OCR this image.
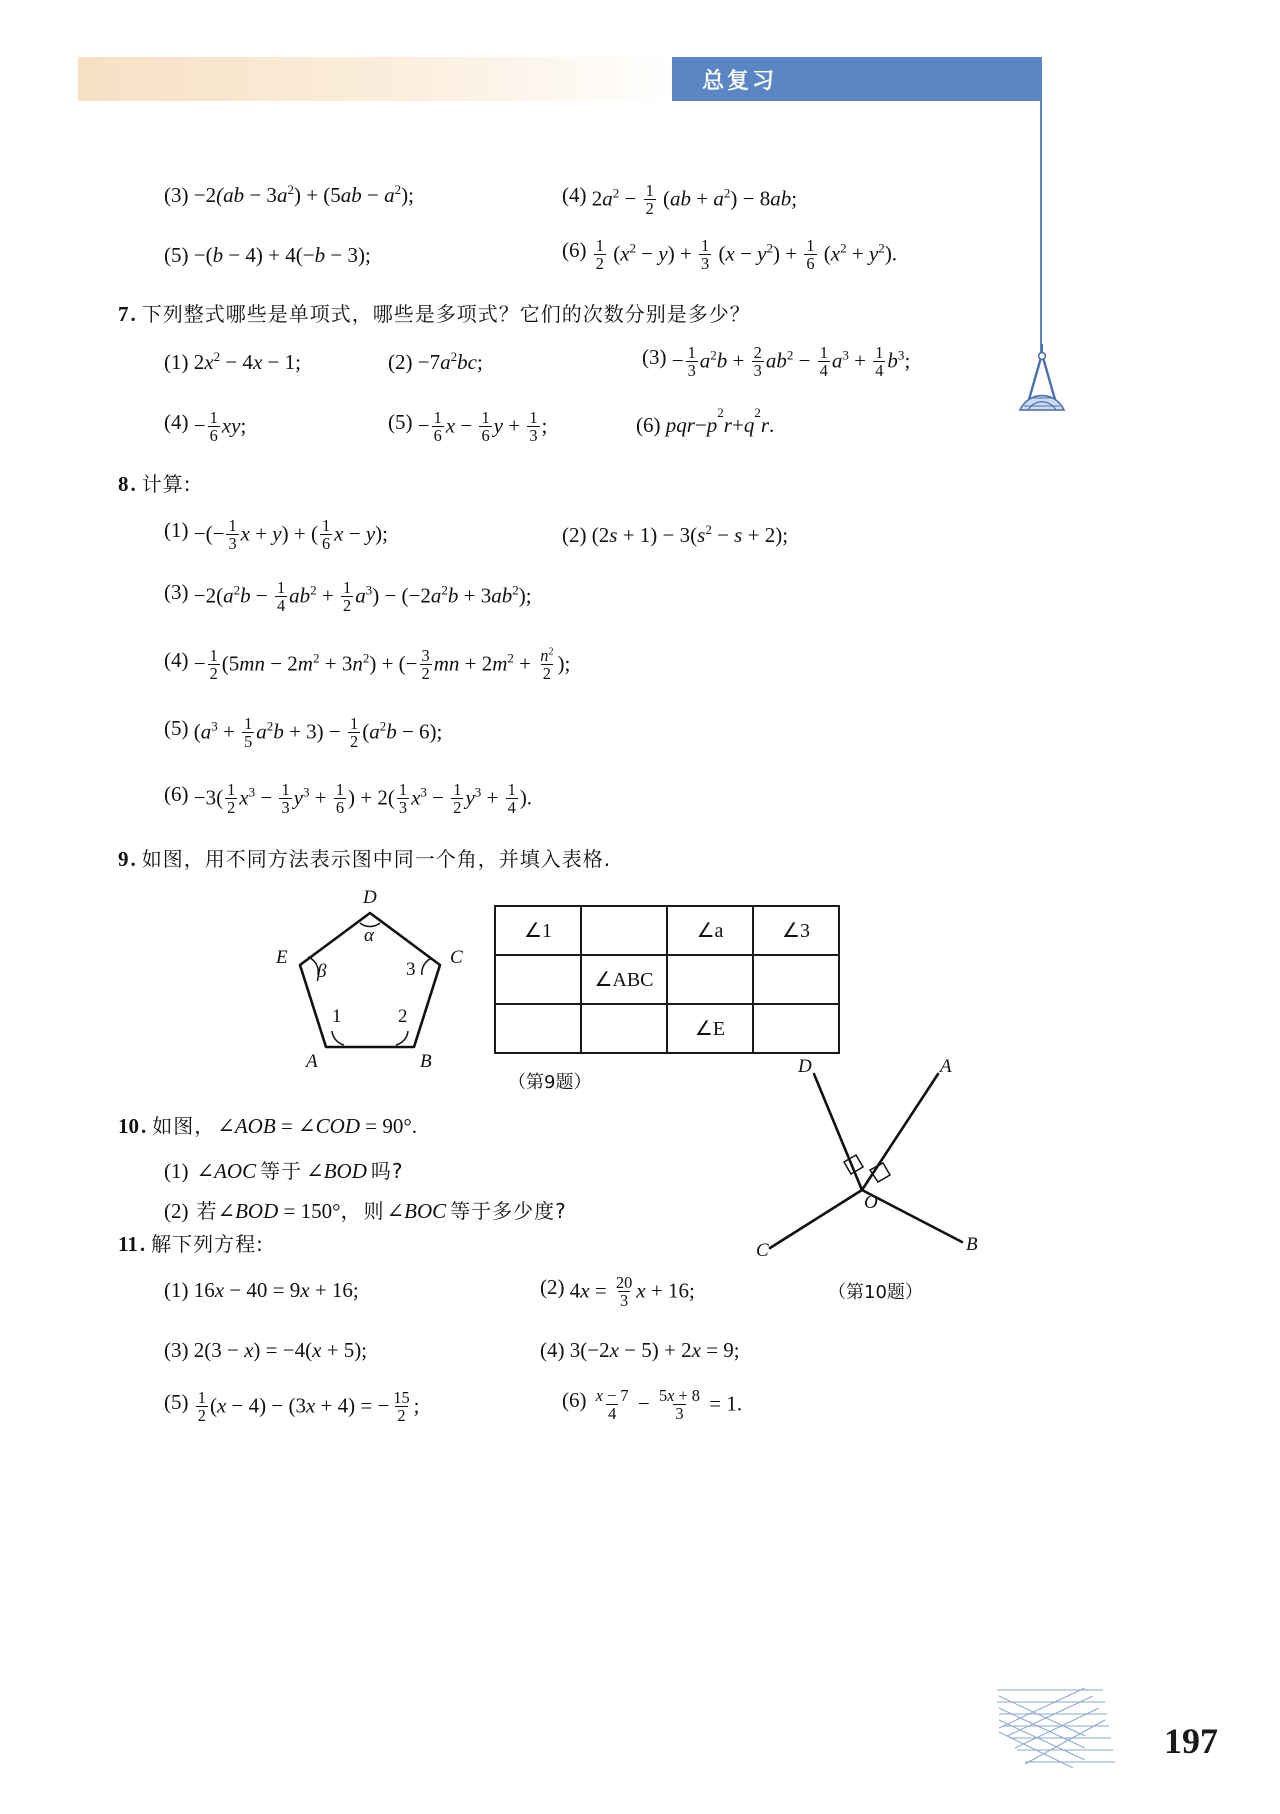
总复习
(3)
$-2(ab - 3a^2) + (5ab - a^2)$;	(4)
$2a^2 - \frac{1}{2} (ab + a^2) - 8ab$;
(5)
−(b − 4) + 4(−b − 3);	(6)
$\frac{1}{2} (x^2 - y) + \frac{1}{3} (x - y^2) + \frac{1}{6} (x^2 + y^2)$.
7 . 下列整式哪些是单项式，哪些是多项式？它们的次数分别是多少？
(1)
$2x^2 - 4x - 1$;	(2)
$-7a^2bc$;	(3)
− $\frac{1}{3} a^2b + \frac{2}{3} ab^2 - \frac{1}{4} a^3 + \frac{1}{4} b^3$;
(4)
− $\frac{1}{6}$ xy;	(5)
− $\frac{1}{6}$ $x - \frac{1}{6}$ $y + \frac{1}{3}$ ;	(6)
pqr − p
2
r + q
2
r .
8 . 计算:
(1)
−(− $\frac{1}{3}$ x + y) + ( $\frac{1}{6}$ x − y);	(2)
$(2s + 1) - 3(s^2 - s + 2)$;
(3)
$-2(a^2b - \frac{1}{4} ab^2 + \frac{1}{2} a^3) - (-2a^2b + 3ab^2)$;
(4)
− $\frac{1}{2} (5mn - 2m^2 + 3n^2)$ + (− $\frac{3}{2}$ mn + $2m^2 + \frac{n^2}{2}$ );
(5)
$(a^3 + \frac{1}{5} a^2b + 3) - \frac{1}{2} (a^2b - 6)$;
(6)
$-3( \frac{1}{2} x^3 - \frac{1}{3} y^3 + \frac{1}{6}$ ) + $2( \frac{1}{3} x^3 - \frac{1}{2} y^3 + \frac{1}{4}$ ).
9 . 如图，用不同方法表示图中同一个角，并填入表格.
D
E	C
A	B
α
β	3
1	2
∠1		∠a	∠3
	∠ABC		
		∠E	
（第9题）
10 . 如图， ∠AOB = ∠COD = 90°.
(1) ∠AOC 等于 ∠BOD 吗?
(2) 若 ∠BOD = 150°， 则 ∠BOC 等于多少度?
D	A
B
C
O
（第10题）
11 . 解下列方程:
(1)
16x − 40 = 9x + 16;	(2)
$4x = \frac{20}{3}$ x + 16;
(3)
2(3 − x) = −4(x + 5);	(4)
3(−2x − 5) + 2x = 9;
(5)
$\frac{1}{2} (x - 4) - (3x + 4)$ = − $\frac{15}{2}$ ;	(6)
$\frac{x - 7}{4} - \frac{5x + 8}{3} = 1$.
197
